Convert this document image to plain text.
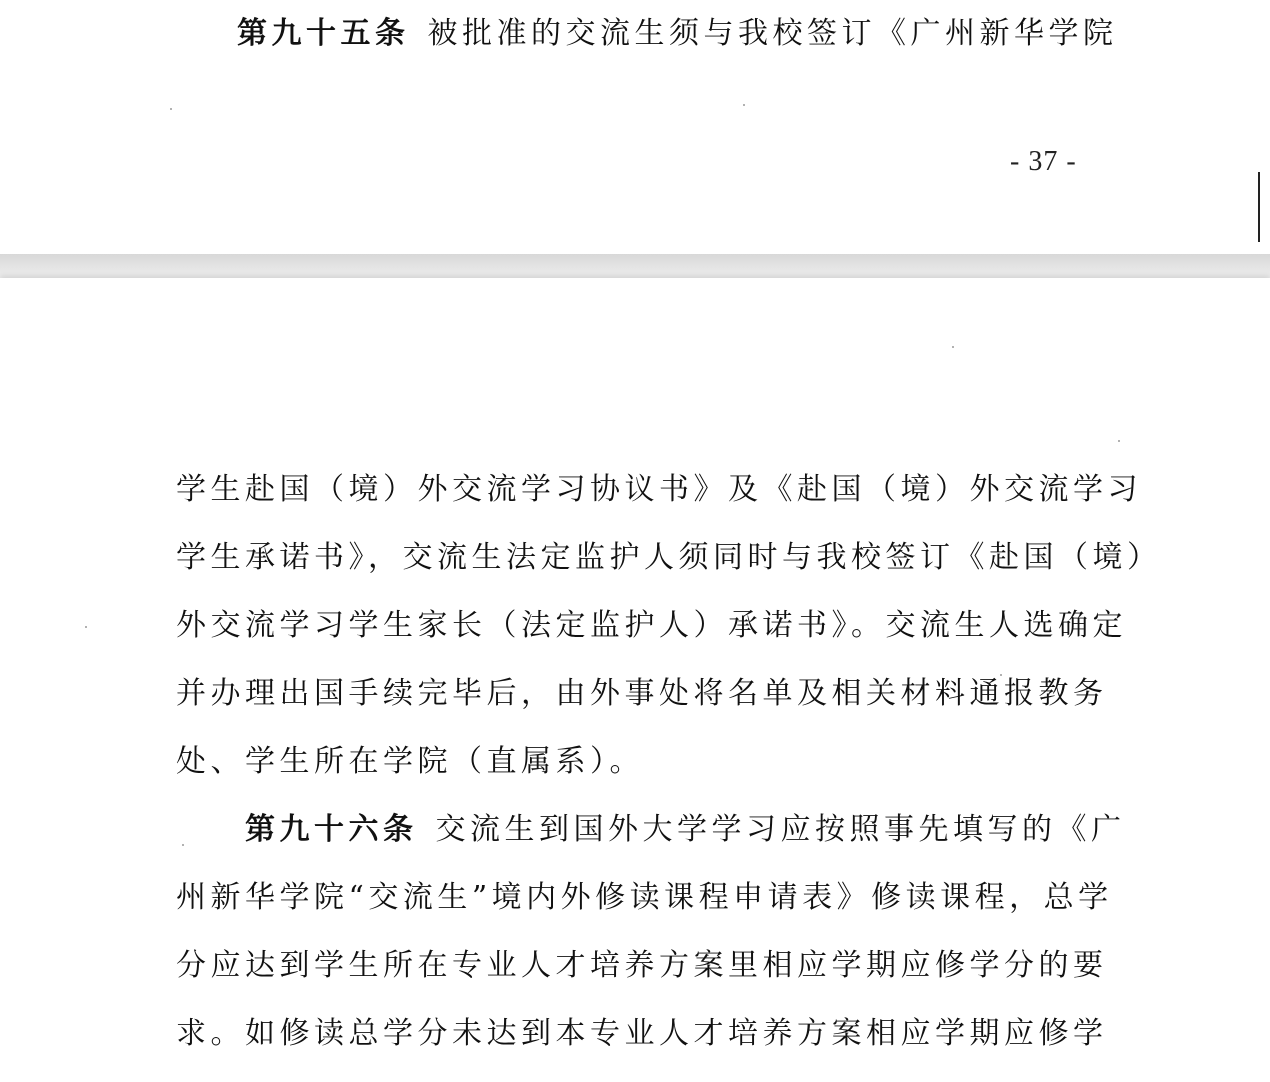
第九十五条 被批准的交流生须与我校签订《广州新华学院
- 37 -
学生赴国（境）外交流学习协议书》及《赴国（境）外交流学习
学生承诺书》，交流生法定监护人须同时与我校签订《赴国（境）
外交流学习学生家长（法定监护人）承诺书》。交流生人选确定
并办理出国手续完毕后，由外事处将名单及相关材料通报教务
处、学生所在学院（直属系）。
第九十六条 交流生到国外大学学习应按照事先填写的《广
州新华学院“交流生”境内外修读课程申请表》修读课程，总学
分应达到学生所在专业人才培养方案里相应学期应修学分的要
求。如修读总学分未达到本专业人才培养方案相应学期应修学
